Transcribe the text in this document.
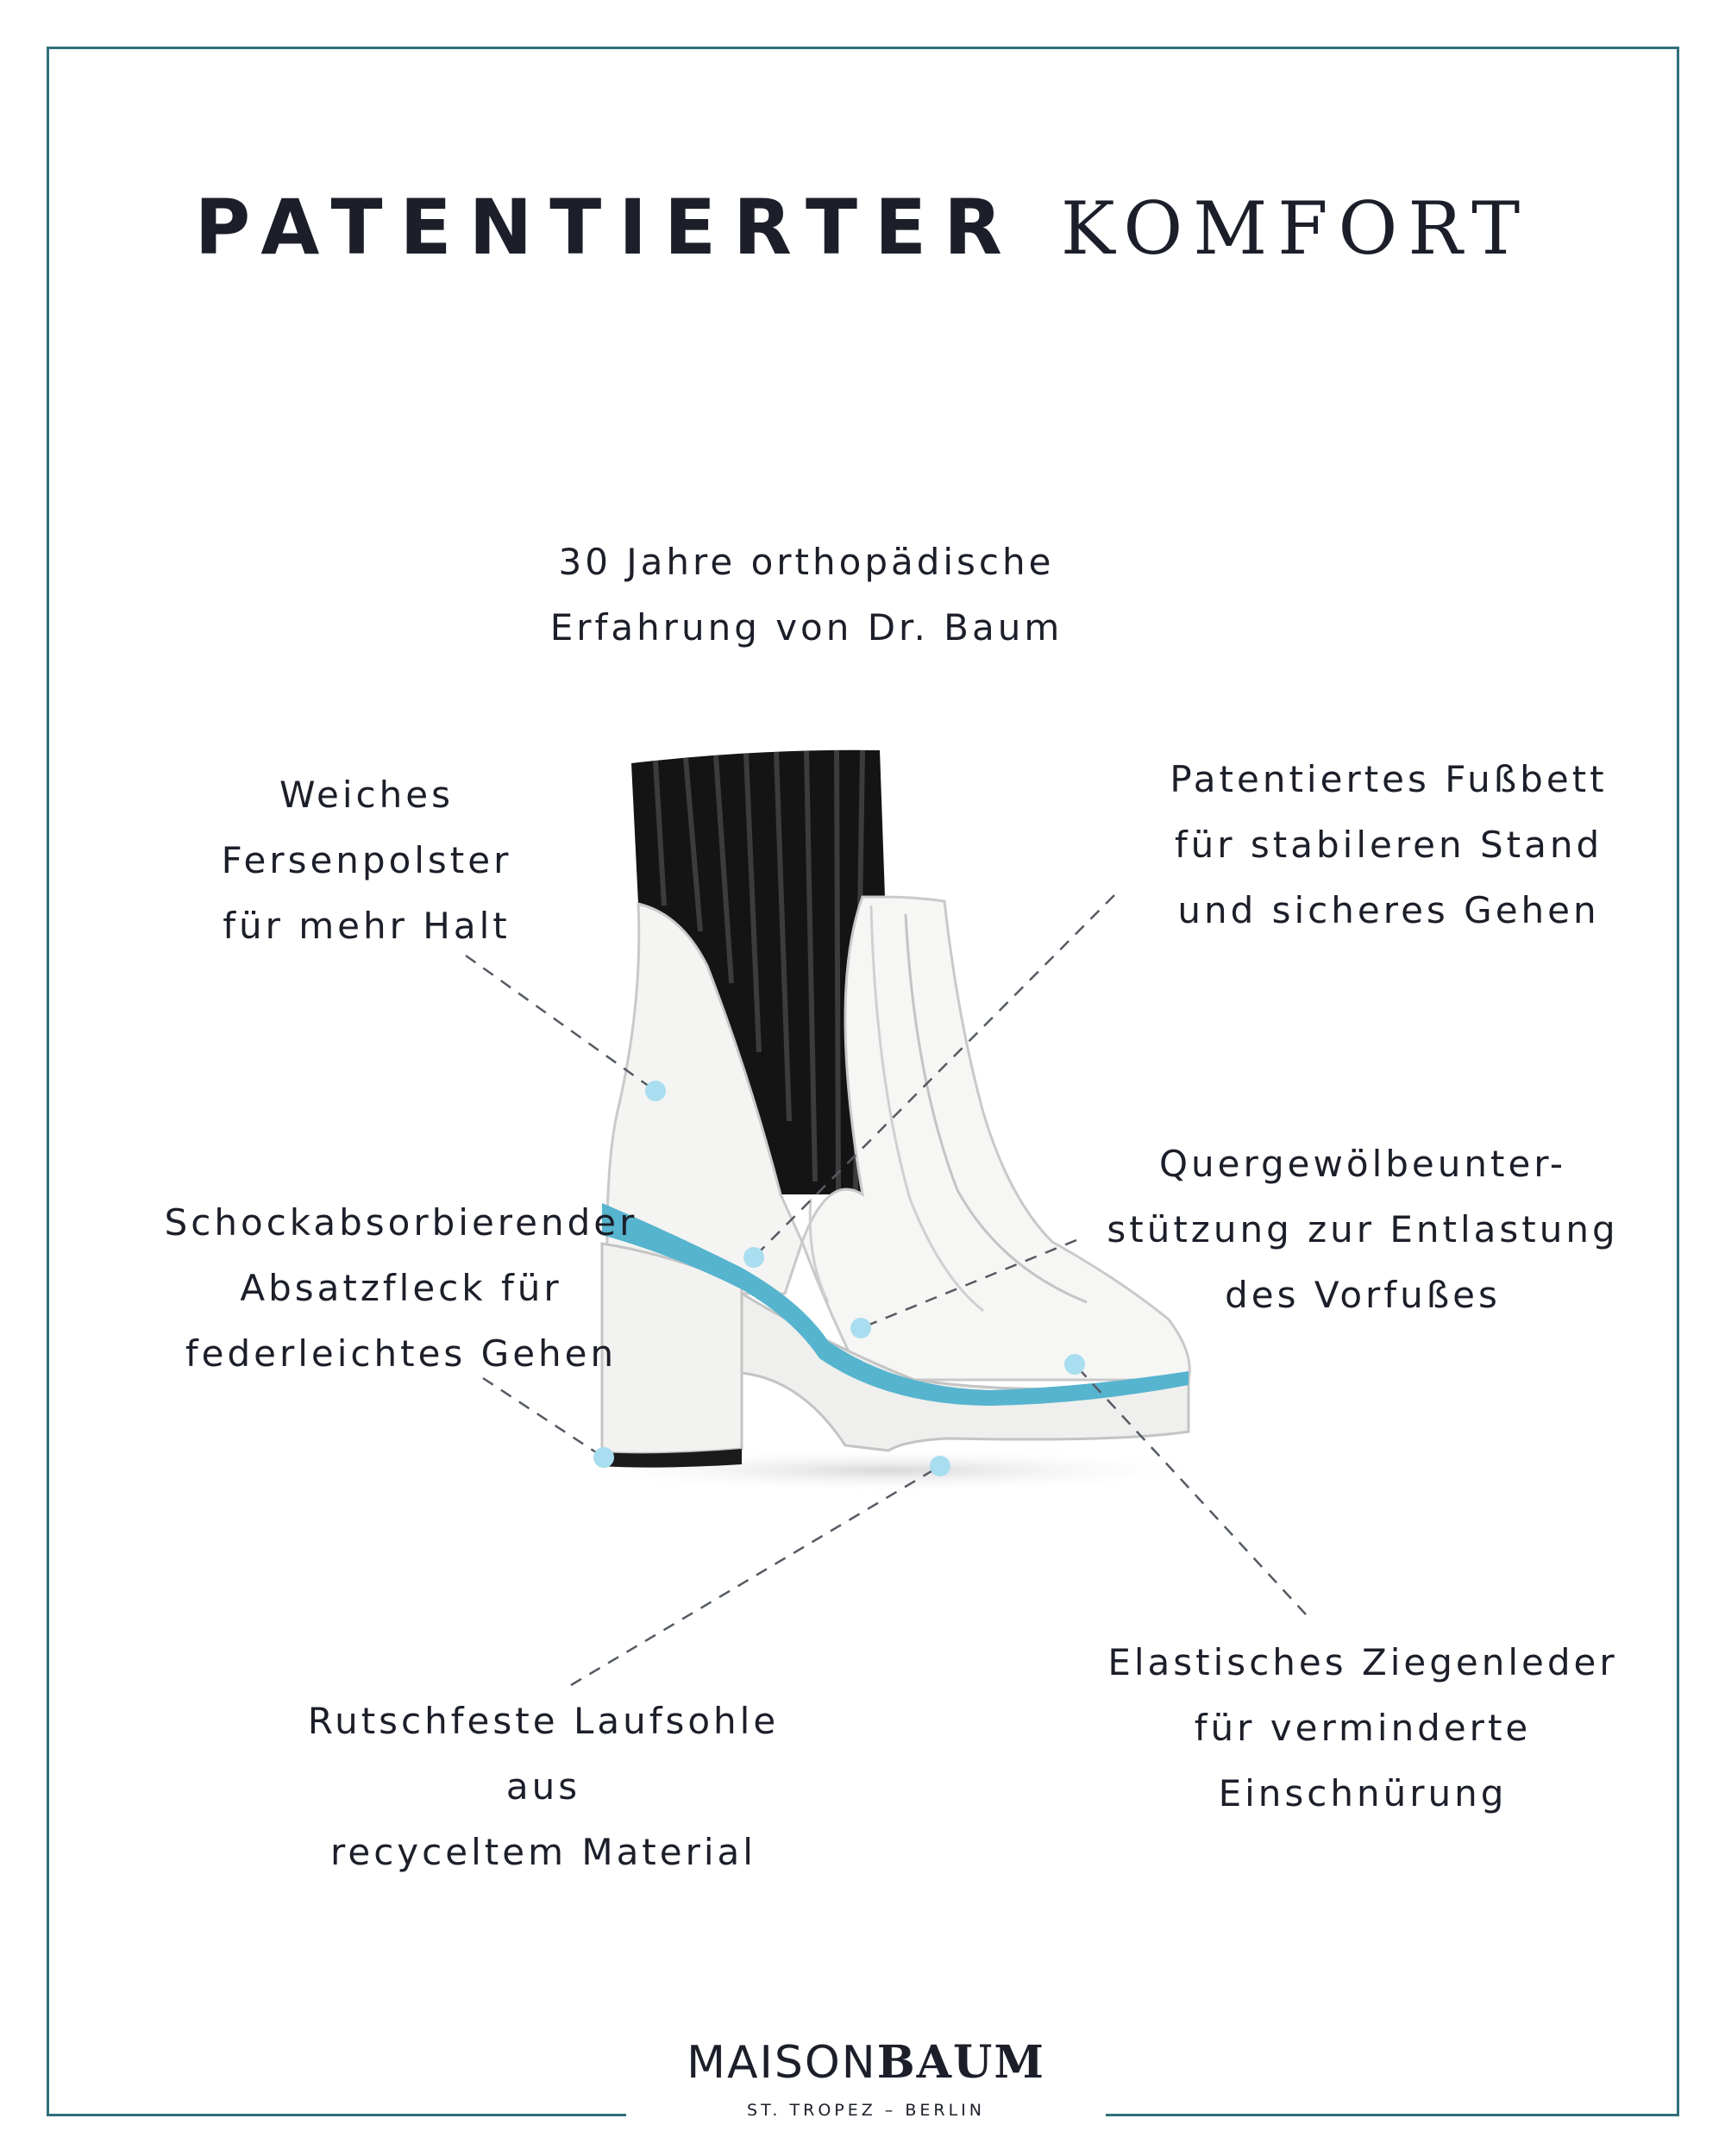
PATENTIERTER KOMFORT
30 Jahre orthopädische
Erfahrung von Dr. Baum
Weiches
Fersenpolster
für mehr Halt
Patentiertes Fußbett
für stabileren Stand
und sicheres Gehen
Quergewölbeunter-
stützung zur Entlastung
des Vorfußes
Schockabsorbierender
Absatzfleck für
federleichtes Gehen
Rutschfeste Laufsohle
aus
recyceltem Material
Elastisches Ziegenleder
für verminderte
Einschnürung
MAISONBAUM
ST. TROPEZ – BERLIN
